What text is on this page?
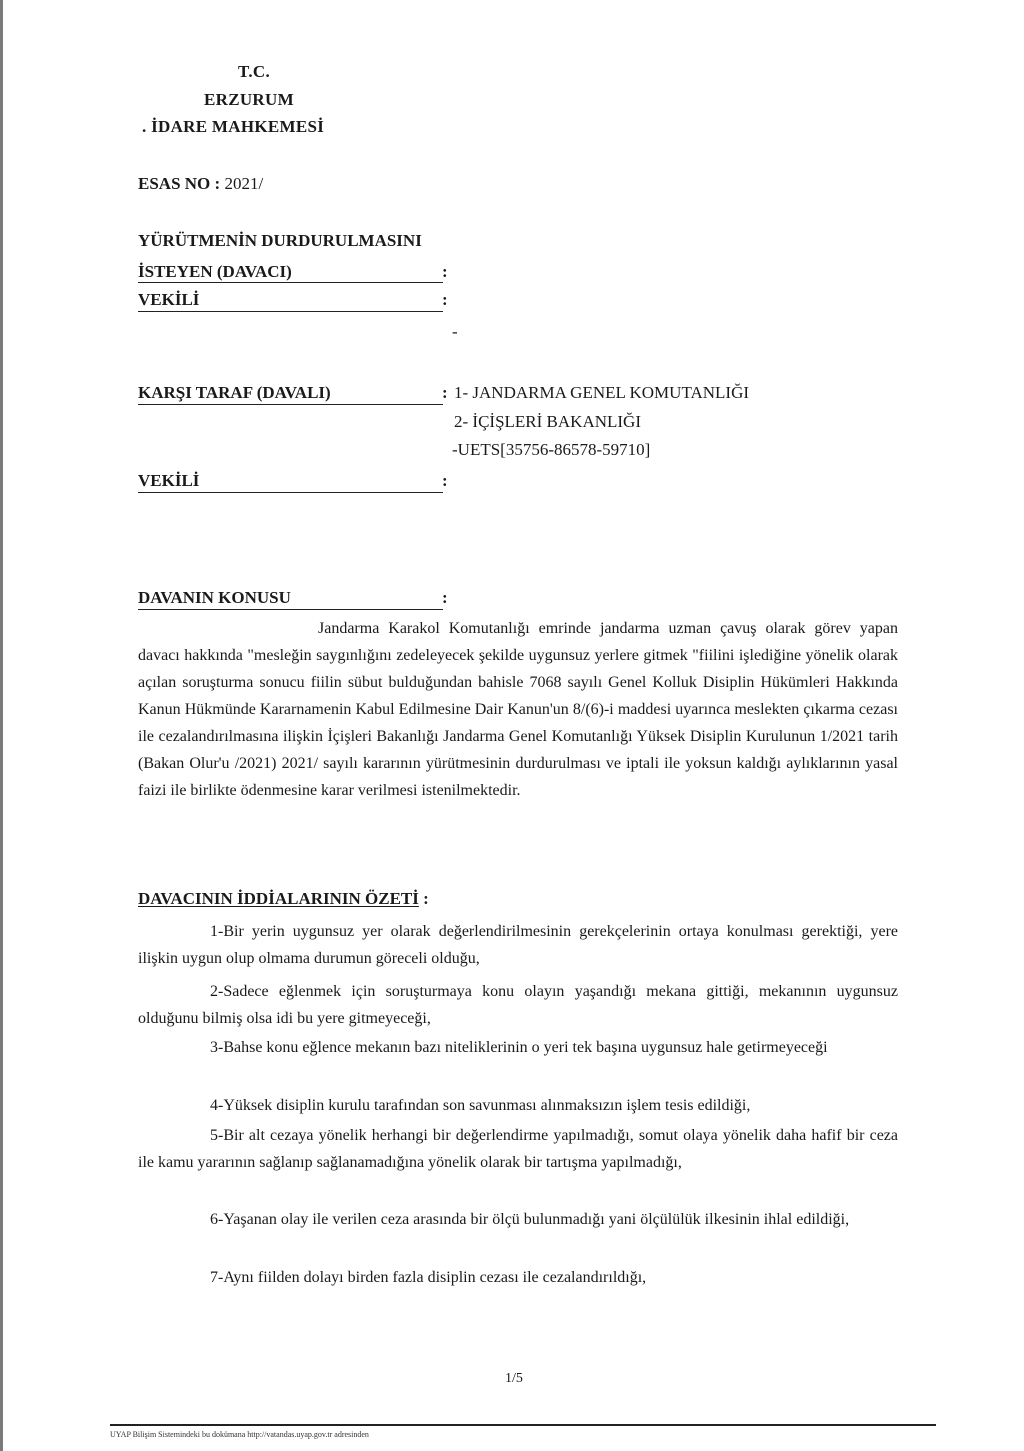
T.C.
ERZURUM
. İDARE MAHKEMESİ
ESAS NO : 2021/
YÜRÜTMENİN DURDURULMASINI
İSTEYEN (DAVACI)	:
VEKİLİ	:
-
KARŞI TARAF (DAVALI)	: 1- JANDARMA GENEL KOMUTANLIĞI
2- İÇİŞLERİ BAKANLIĞI
-UETS[35756-86578-59710]
VEKİLİ	:
DAVANIN KONUSU	:
Jandarma Karakol Komutanlığı emrinde jandarma uzman çavuş olarak görev yapan davacı hakkında "mesleğin saygınlığını zedeleyecek şekilde uygunsuz yerlere gitmek "fiilini işlediğine yönelik olarak açılan soruşturma sonucu fiilin sübut bulduğundan bahisle 7068 sayılı Genel Kolluk Disiplin Hükümleri Hakkında Kanun Hükmünde Kararnamenin Kabul Edilmesine Dair Kanun'un 8/(6)-i maddesi uyarınca meslekten çıkarma cezası ile cezalandırılmasına ilişkin İçişleri Bakanlığı Jandarma Genel Komutanlığı Yüksek Disiplin Kurulunun 1/2021 tarih (Bakan Olur'u /2021) 2021/ sayılı kararının yürütmesinin durdurulması ve iptali ile yoksun kaldığı aylıklarının yasal faizi ile birlikte ödenmesine karar verilmesi istenilmektedir.
DAVACININ İDDİALARININ ÖZETİ :
1-Bir yerin uygunsuz yer olarak değerlendirilmesinin gerekçelerinin ortaya konulması gerektiği, yere ilişkin uygun olup olmama durumun göreceli olduğu,
2-Sadece eğlenmek için soruşturmaya konu olayın yaşandığı mekana gittiği, mekanının uygunsuz olduğunu bilmiş olsa idi bu yere gitmeyeceği,
3-Bahse konu eğlence mekanın bazı niteliklerinin o yeri tek başına uygunsuz hale getirmeyeceği
4-Yüksek disiplin kurulu tarafından son savunması alınmaksızın işlem tesis edildiği,
5-Bir alt cezaya yönelik herhangi bir değerlendirme yapılmadığı, somut olaya yönelik daha hafif bir ceza ile kamu yararının sağlanıp sağlanamadığına yönelik olarak bir tartışma yapılmadığı,
6-Yaşanan olay ile verilen ceza arasında bir ölçü bulunmadığı yani ölçülülük ilkesinin ihlal edildiği,
7-Aynı fiilden dolayı birden fazla disiplin cezası ile cezalandırıldığı,
1/5
UYAP Bilişim Sistemindeki bu dokümana http://vatandas.uyap.gov.tr adresinden
